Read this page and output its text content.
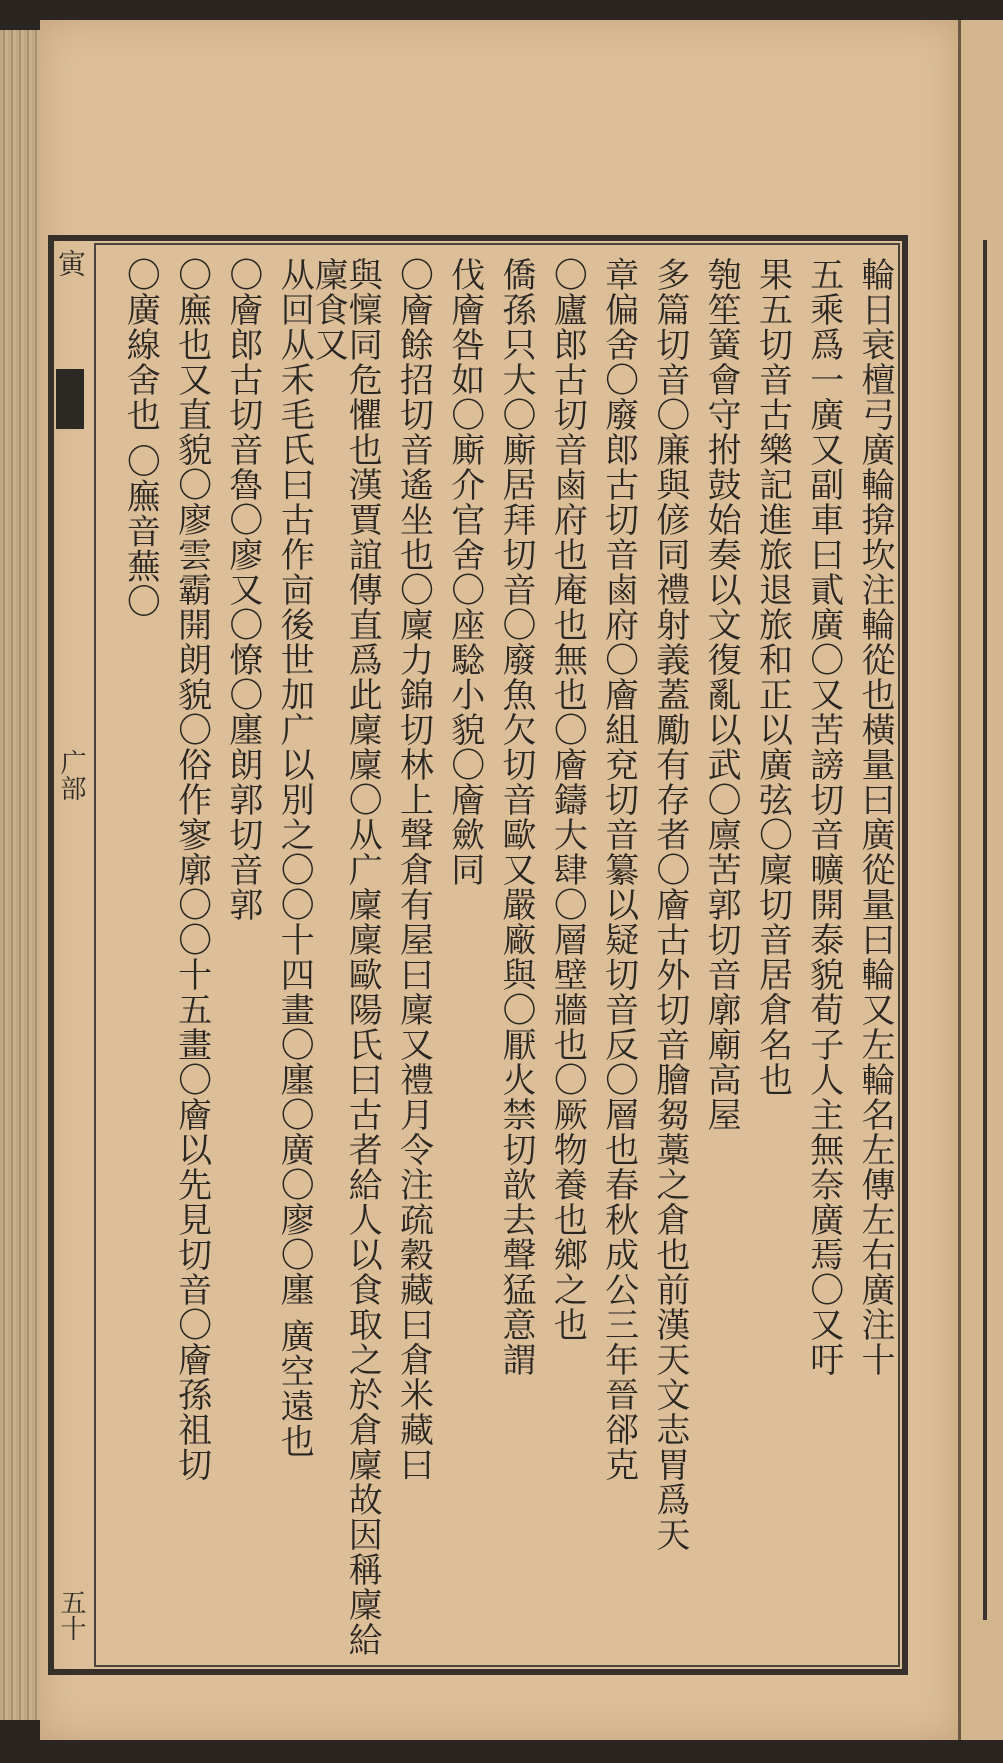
寅
广部
五十
輪日衰檀弓廣輪揜坎注輪從也橫量曰廣從量曰輪又左輪名左傳左右廣注十
五乘爲一廣又副車曰貳廣〇又苦謗切音曠開泰貌荀子人主無奈廣焉〇又吁
果五切音古樂記進旅退旅和正以廣弦〇廩切音居倉名也
匏笙簧會守拊鼓始奏以文復亂以武〇廪苦郭切音廓廟高屋
多篇切音〇廉與偐同禮射義蓋勵有存者〇廥古外切音膾芻藁之倉也前漢天文志胃爲天
章偏舍〇廢郎古切音鹵府〇廥組兗切音纂以疑切音反〇層也春秋成公三年晉郤克
〇廬郎古切音鹵府也庵也無也〇廥鑄大肆〇層壁牆也〇厥物養也鄉之也
僑孫只大〇廝居拜切音〇廢魚欠切音歐又嚴廠與〇厭火禁切歆去聲猛意謂
伐廥咎如〇廝介官舍〇座騐小貌〇廥歛同
〇廥餘招切音遙坐也〇廩力錦切林上聲倉有屋曰廩又禮月令注疏穀藏曰倉米藏曰
與懍同危懼也漢賈誼傳直爲此廩廩〇从广廩廩歐陽氏曰古者給人以食取之於倉廩故因稱廩給廩食又
从回从禾毛氏曰古作㐭後世加广以別之〇〇十四畫〇廛〇廣〇廖〇廛 廣空遠也
〇廥郎古切音魯〇廖又〇憭〇廛朗郭切音郭
〇廡也又直貌〇廖雲霸開朗貌〇俗作寥廓〇〇十五畫〇廥以先見切音〇廥孫祖切
〇廣線舍也 〇廡音蕪〇
